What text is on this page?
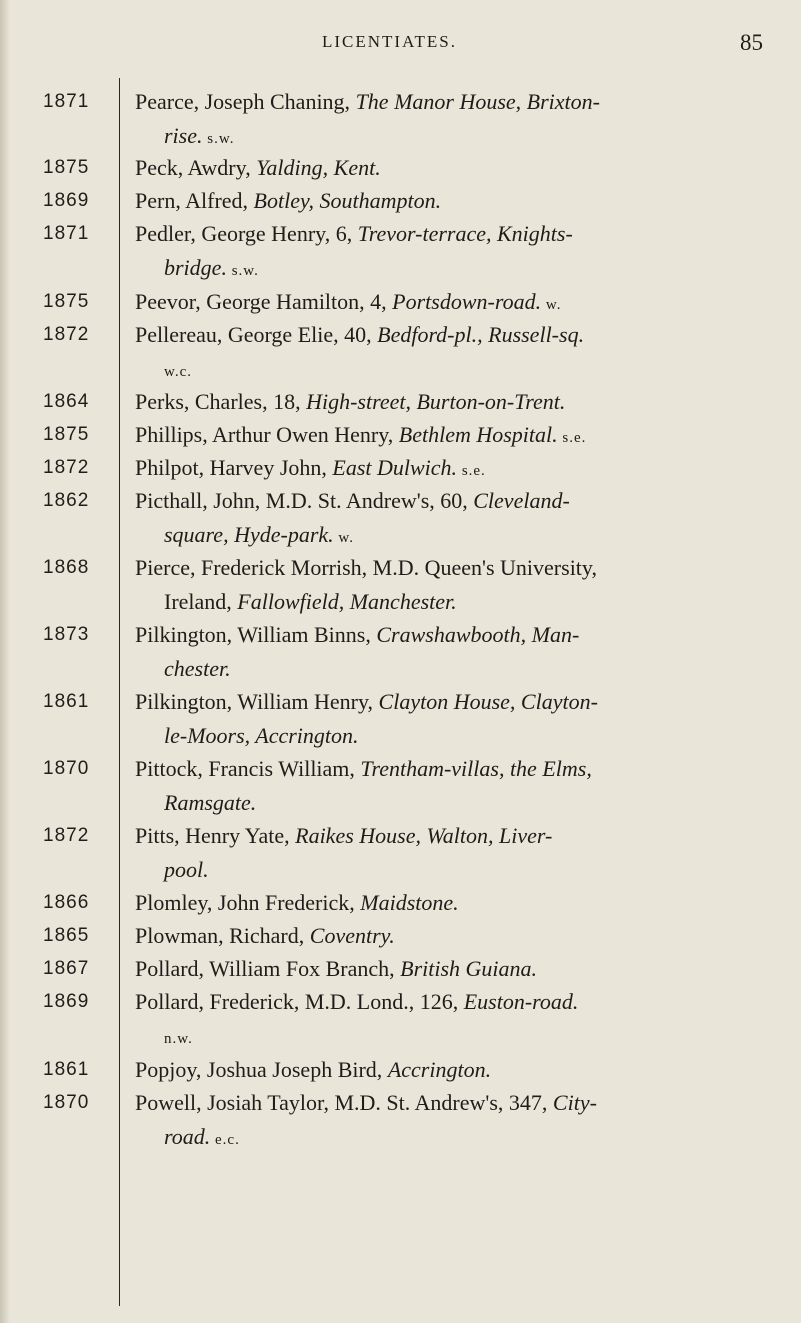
LICENTIATES.	85
1871 Pearce, Joseph Chaning, The Manor House, Brixton-
rise. s.w.
1875 Peck, Awdry, Yalding, Kent.
1869 Pern, Alfred, Botley, Southampton.
1871 Pedler, George Henry, 6, Trevor-terrace, Knights-
bridge. s.w.
1875 Peevor, George Hamilton, 4, Portsdown-road. w.
1872 Pellereau, George Elie, 40, Bedford-pl., Russell-sq.
w.c.
1864 Perks, Charles, 18, High-street, Burton-on-Trent.
1875 Phillips, Arthur Owen Henry, Bethlem Hospital. s.e.
1872 Philpot, Harvey John, East Dulwich. s.e.
1862 Picthall, John, M.D. St. Andrew's, 60, Cleveland-
square, Hyde-park. w.
1868 Pierce, Frederick Morrish, M.D. Queen's University,
Ireland, Fallowfield, Manchester.
1873 Pilkington, William Binns, Crawshawbooth, Man-
chester.
1861 Pilkington, William Henry, Clayton House, Clayton-
le-Moors, Accrington.
1870 Pittock, Francis William, Trentham-villas, the Elms,
Ramsgate.
1872 Pitts, Henry Yate, Raikes House, Walton, Liver-
pool.
1866 Plomley, John Frederick, Maidstone.
1865 Plowman, Richard, Coventry.
1867 Pollard, William Fox Branch, British Guiana.
1869 Pollard, Frederick, M.D. Lond., 126, Euston-road.
n.w.
1861 Popjoy, Joshua Joseph Bird, Accrington.
1870 Powell, Josiah Taylor, M.D. St. Andrew's, 347, City-
road. e.c.
